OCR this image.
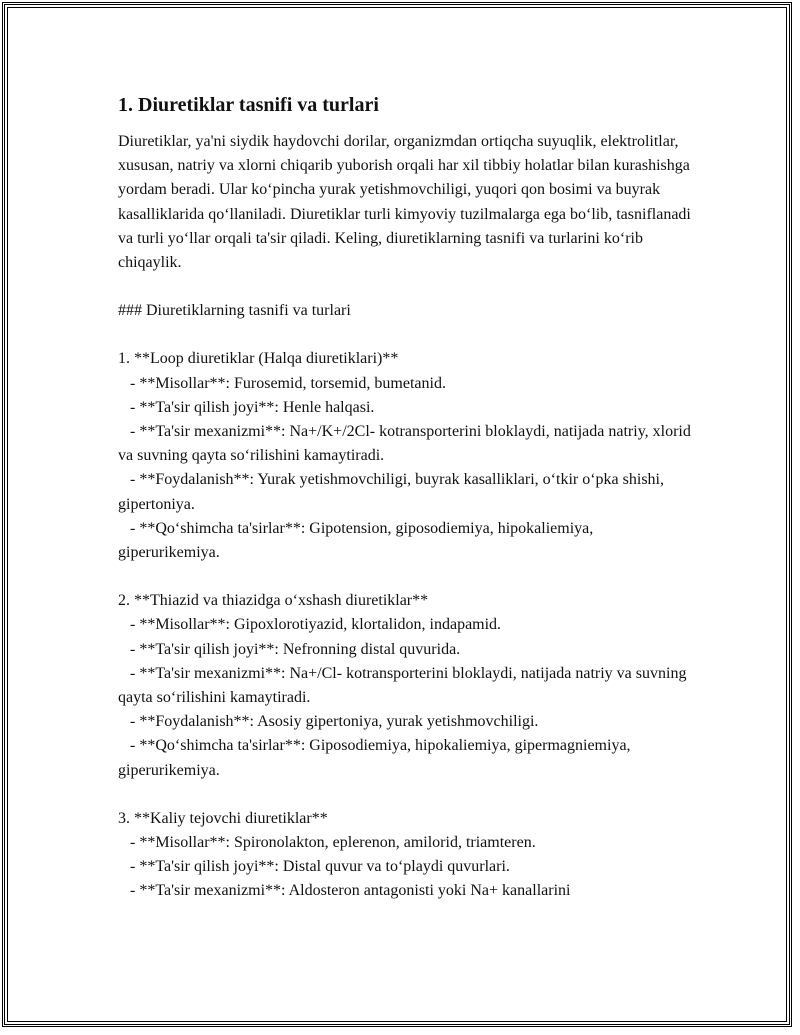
1. Diuretiklar tasnifi va turlari

Diuretiklar, ya'ni siydik haydovchi dorilar, organizmdan ortiqcha suyuqlik, elektrolitlar, xususan, natriy va xlorni chiqarib yuborish orqali har xil tibbiy holatlar bilan kurashishga yordam beradi. Ular ko‘pincha yurak yetishmovchiligi, yuqori qon bosimi va buyrak kasalliklarida qo‘llaniladi. Diuretiklar turli kimyoviy tuzilmalarga ega bo‘lib, tasniflanadi va turli yo‘llar orqali ta'sir qiladi. Keling, diuretiklarning tasnifi va turlarini ko‘rib chiqaylik.

### Diuretiklarning tasnifi va turlari

1. **Loop diuretiklar (Halqa diuretiklari)**

- **Misollar**: Furosemid, torsemid, bumetanid.

- **Ta'sir qilish joyi**: Henle halqasi.

- **Ta'sir mexanizmi**: Na+/K+/2Cl- kotransporterini bloklaydi, natijada natriy, xlorid va suvning qayta so‘rilishini kamaytiradi.

- **Foydalanish**: Yurak yetishmovchiligi, buyrak kasalliklari, o‘tkir o‘pka shishi, gipertoniya.

- **Qo‘shimcha ta'sirlar**: Gipotension, giposodiemiya, hipokaliemiya, giperurikemiya.

2. **Thiazid va thiazidga o‘xshash diuretiklar**

- **Misollar**: Gipoxlorotiyazid, klortalidon, indapamid.

- **Ta'sir qilish joyi**: Nefronning distal quvurida.

- **Ta'sir mexanizmi**: Na+/Cl- kotransporterini bloklaydi, natijada natriy va suvning qayta so‘rilishini kamaytiradi.

- **Foydalanish**: Asosiy gipertoniya, yurak yetishmovchiligi.

- **Qo‘shimcha ta'sirlar**: Giposodiemiya, hipokaliemiya, gipermagniemiya, giperurikemiya.

3. **Kaliy tejovchi diuretiklar**

- **Misollar**: Spironolakton, eplerenon, amilorid, triamteren.

- **Ta'sir qilish joyi**: Distal quvur va to‘playdi quvurlari.

- **Ta'sir mexanizmi**: Aldosteron antagonisti yoki Na+ kanallarini
